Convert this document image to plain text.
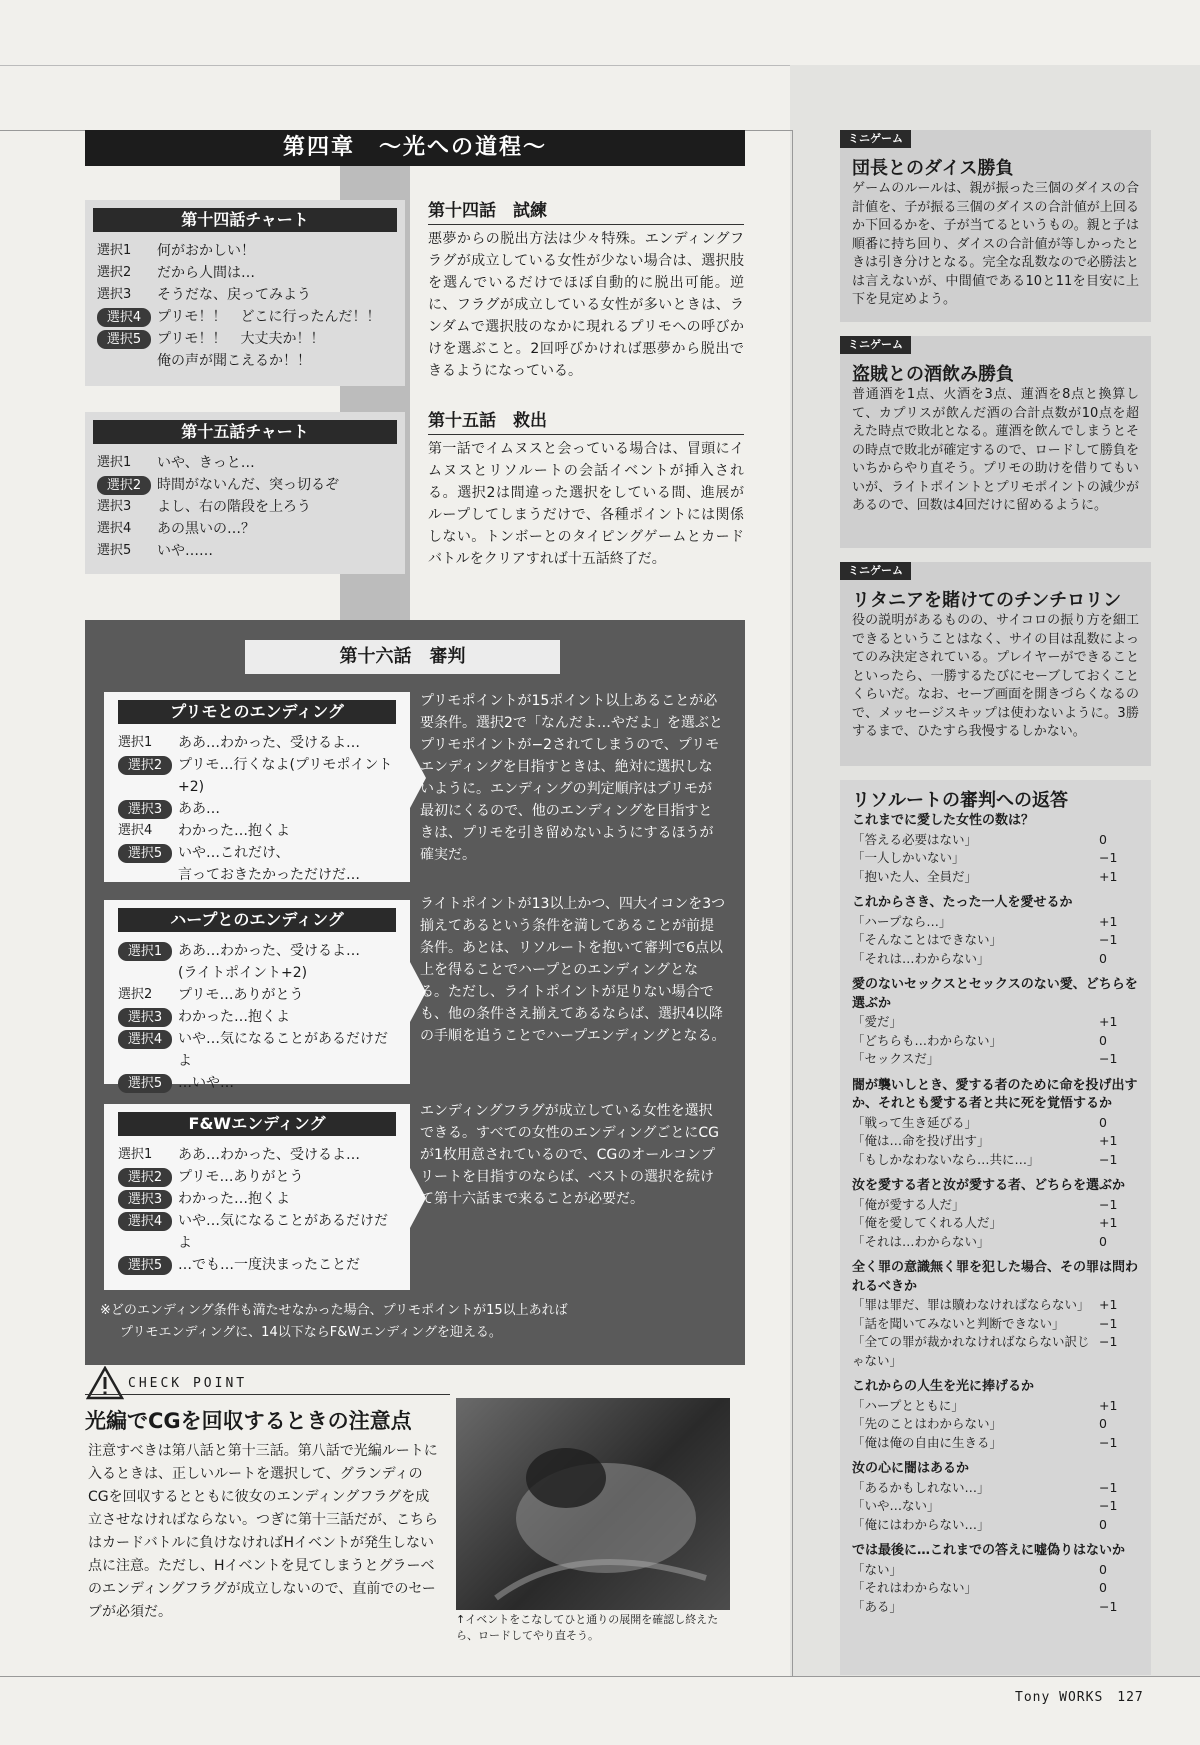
第四章　～光への道程～
第十四話チャート
選択1	何がおかしい！
選択2	だから人間は…
選択3	そうだな、戻ってみよう
選択4	プリモ！！　どこに行ったんだ！！
選択5	プリモ！！　大丈夫か！！
俺の声が聞こえるか！！
第十五話チャート
選択1	いや、きっと…
選択2	時間がないんだ、突っ切るぞ
選択3	よし、右の階段を上ろう
選択4	あの黒いの…？
選択5	いや……
第十四話　試練
悪夢からの脱出方法は少々特殊。エンディングフラグが成立している女性が少ない場合は、選択肢を選んでいるだけでほぼ自動的に脱出可能。逆に、フラグが成立している女性が多いときは、ランダムで選択肢のなかに現れるプリモへの呼びかけを選ぶこと。2回呼びかければ悪夢から脱出できるようになっている。
第十五話　救出
第一話でイムヌスと会っている場合は、冒頭にイムヌスとリソルートの会話イベントが挿入される。選択2は間違った選択をしている間、進展がループしてしまうだけで、各種ポイントには関係しない。トンボーとのタイピングゲームとカードバトルをクリアすれば十五話終了だ。
第十六話　審判
プリモとのエンディング
選択1	ああ…わかった、受けるよ…
選択2	プリモ…行くなよ(プリモポイント+2)
選択3	ああ…
選択4	わかった…抱くよ
選択5	いや…これだけ、
言っておきたかっただけだ…
プリモポイントが15ポイント以上あることが必要条件。選択2で「なんだよ…やだよ」を選ぶとプリモポイントが−2されてしまうので、プリモエンディングを目指すときは、絶対に選択しないように。エンディングの判定順序はプリモが最初にくるので、他のエンディングを目指すときは、プリモを引き留めないようにするほうが確実だ。
ハープとのエンディング
選択1	ああ…わかった、受けるよ…
(ライトポイント+2)
選択2	プリモ…ありがとう
選択3	わかった…抱くよ
選択4	いや…気になることがあるだけだよ
選択5	…いや…
ライトポイントが13以上かつ、四大イコンを3つ揃えてあるという条件を満してあることが前提条件。あとは、リソルートを抱いて審判で6点以上を得ることでハープとのエンディングとなる。ただし、ライトポイントが足りない場合でも、他の条件さえ揃えてあるならば、選択4以降の手順を追うことでハープエンディングとなる。
F&Wエンディング
選択1	ああ…わかった、受けるよ…
選択2	プリモ…ありがとう
選択3	わかった…抱くよ
選択4	いや…気になることがあるだけだよ
選択5	…でも…一度決まったことだ
エンディングフラグが成立している女性を選択できる。すべての女性のエンディングごとにCGが1枚用意されているので、CGのオールコンプリートを目指すのならば、ベストの選択を続けて第十六話まで来ることが必要だ。
※どのエンディング条件も満たせなかった場合、プリモポイントが15以上あれば
プリモエンディングに、14以下ならF&Wエンディングを迎える。
CHECK POINT
光編でCGを回収するときの注意点
注意すべきは第八話と第十三話。第八話で光編ルートに入るときは、正しいルートを選択して、グランディのCGを回収するとともに彼女のエンディングフラグを成立させなければならない。つぎに第十三話だが、こちらはカードバトルに負けなければHイベントが発生しない点に注意。ただし、Hイベントを見てしまうとグラーベのエンディングフラグが成立しないので、直前でのセーブが必須だ。	↑イベントをこなしてひと通りの展開を確認し終えた
ら、ロードしてやり直そう。
ミニゲーム
団長とのダイス勝負
ゲームのルールは、親が振った三個のダイスの合計値を、子が振る三個のダイスの合計値が上回るか下回るかを、子が当てるというもの。親と子は順番に持ち回り、ダイスの合計値が等しかったときは引き分けとなる。完全な乱数なので必勝法とは言えないが、中間値である10と11を目安に上下を見定めよう。
ミニゲーム
盗賊との酒飲み勝負
普通酒を1点、火酒を3点、蓮酒を8点と換算して、カプリスが飲んだ酒の合計点数が10点を超えた時点で敗北となる。蓮酒を飲んでしまうとその時点で敗北が確定するので、ロードして勝負をいちからやり直そう。プリモの助けを借りてもいいが、ライトポイントとプリモポイントの減少があるので、回数は4回だけに留めるように。
ミニゲーム
リタニアを賭けてのチンチロリン
役の説明があるものの、サイコロの振り方を細工できるということはなく、サイの目は乱数によってのみ決定されている。プレイヤーができることといったら、一勝するたびにセーブしておくことくらいだ。なお、セーブ画面を開きづらくなるので、メッセージスキップは使わないように。3勝するまで、ひたすら我慢するしかない。
リソルートの審判への返答
これまでに愛した女性の数は？
「答える必要はない」	0
「一人しかいない」	−1
「抱いた人、全員だ」	+1
これからさき、たった一人を愛せるか
「ハープなら…」	+1
「そんなことはできない」	−1
「それは…わからない」	0
愛のないセックスとセックスのない愛、どちらを選ぶか
「愛だ」	+1
「どちらも…わからない」	0
「セックスだ」	−1
闇が襲いしとき、愛する者のために命を投げ出すか、それとも愛する者と共に死を覚悟するか
「戦って生き延びる」	0
「俺は…命を投げ出す」	+1
「もしかなわないなら…共に…」	−1
汝を愛する者と汝が愛する者、どちらを選ぶか
「俺が愛する人だ」	−1
「俺を愛してくれる人だ」	+1
「それは…わからない」	0
全く罪の意識無く罪を犯した場合、その罪は問われるべきか
「罪は罪だ、罪は贖わなければならない」 +1
「話を聞いてみないと判断できない」	−1
「全ての罪が裁かれなければならない訳じゃない」
−1
これからの人生を光に捧げるか
「ハープとともに」	+1
「先のことはわからない」	0
「俺は俺の自由に生きる」	−1
汝の心に闇はあるか
「あるかもしれない…」	−1
「いや…ない」	−1
「俺にはわからない…」	0
では最後に…これまでの答えに嘘偽りはないか
「ない」	0
「それはわからない」	0
「ある」	−1
Tony WORKS　127
